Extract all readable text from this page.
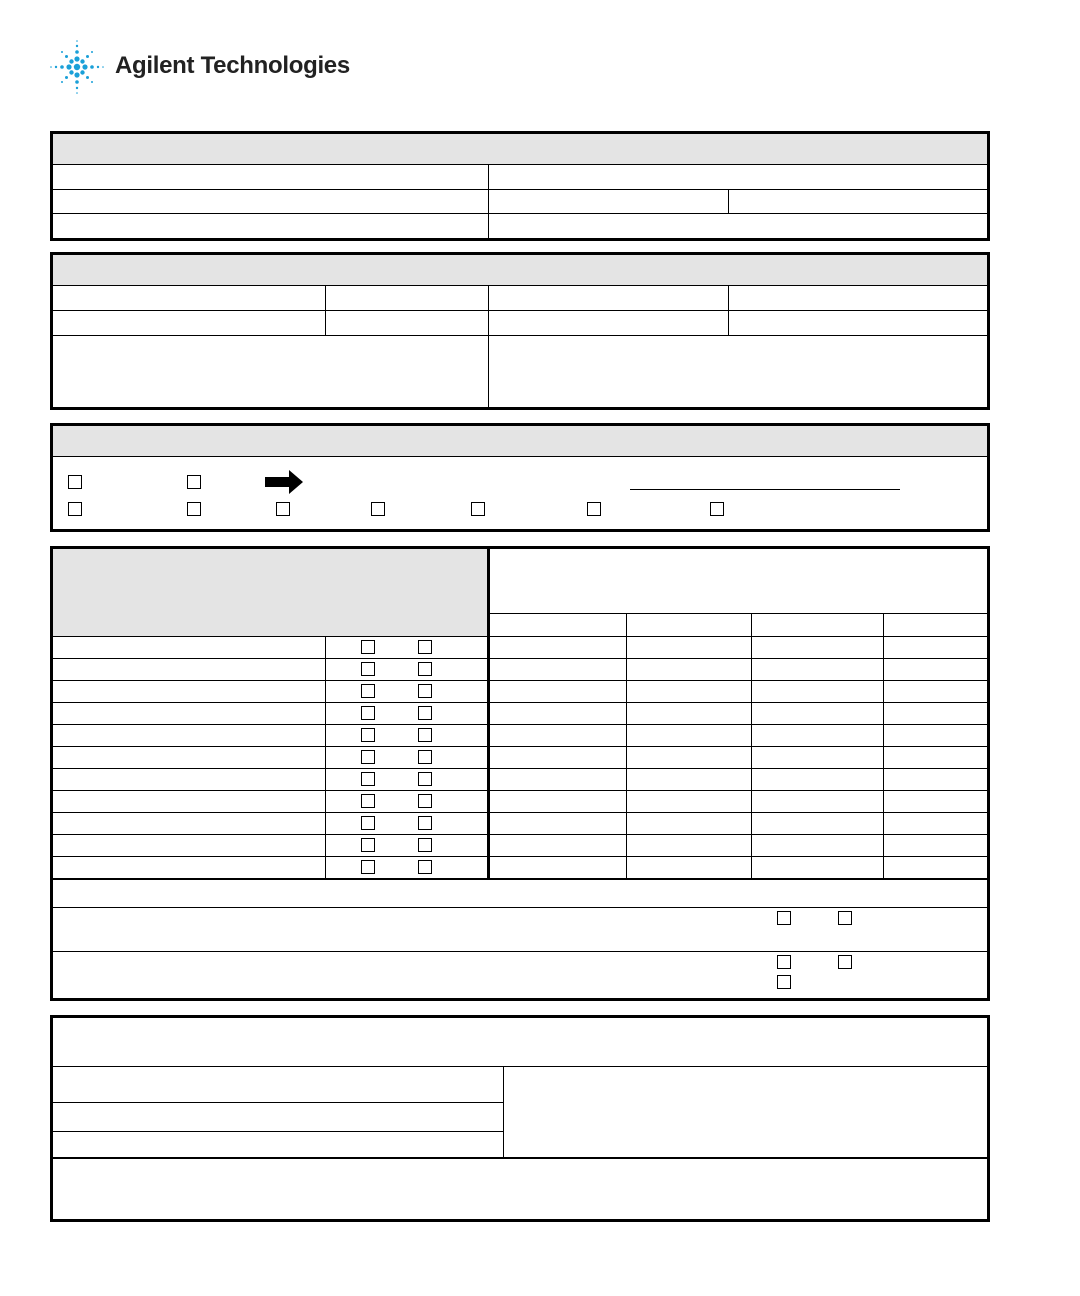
Agilent Technologies
